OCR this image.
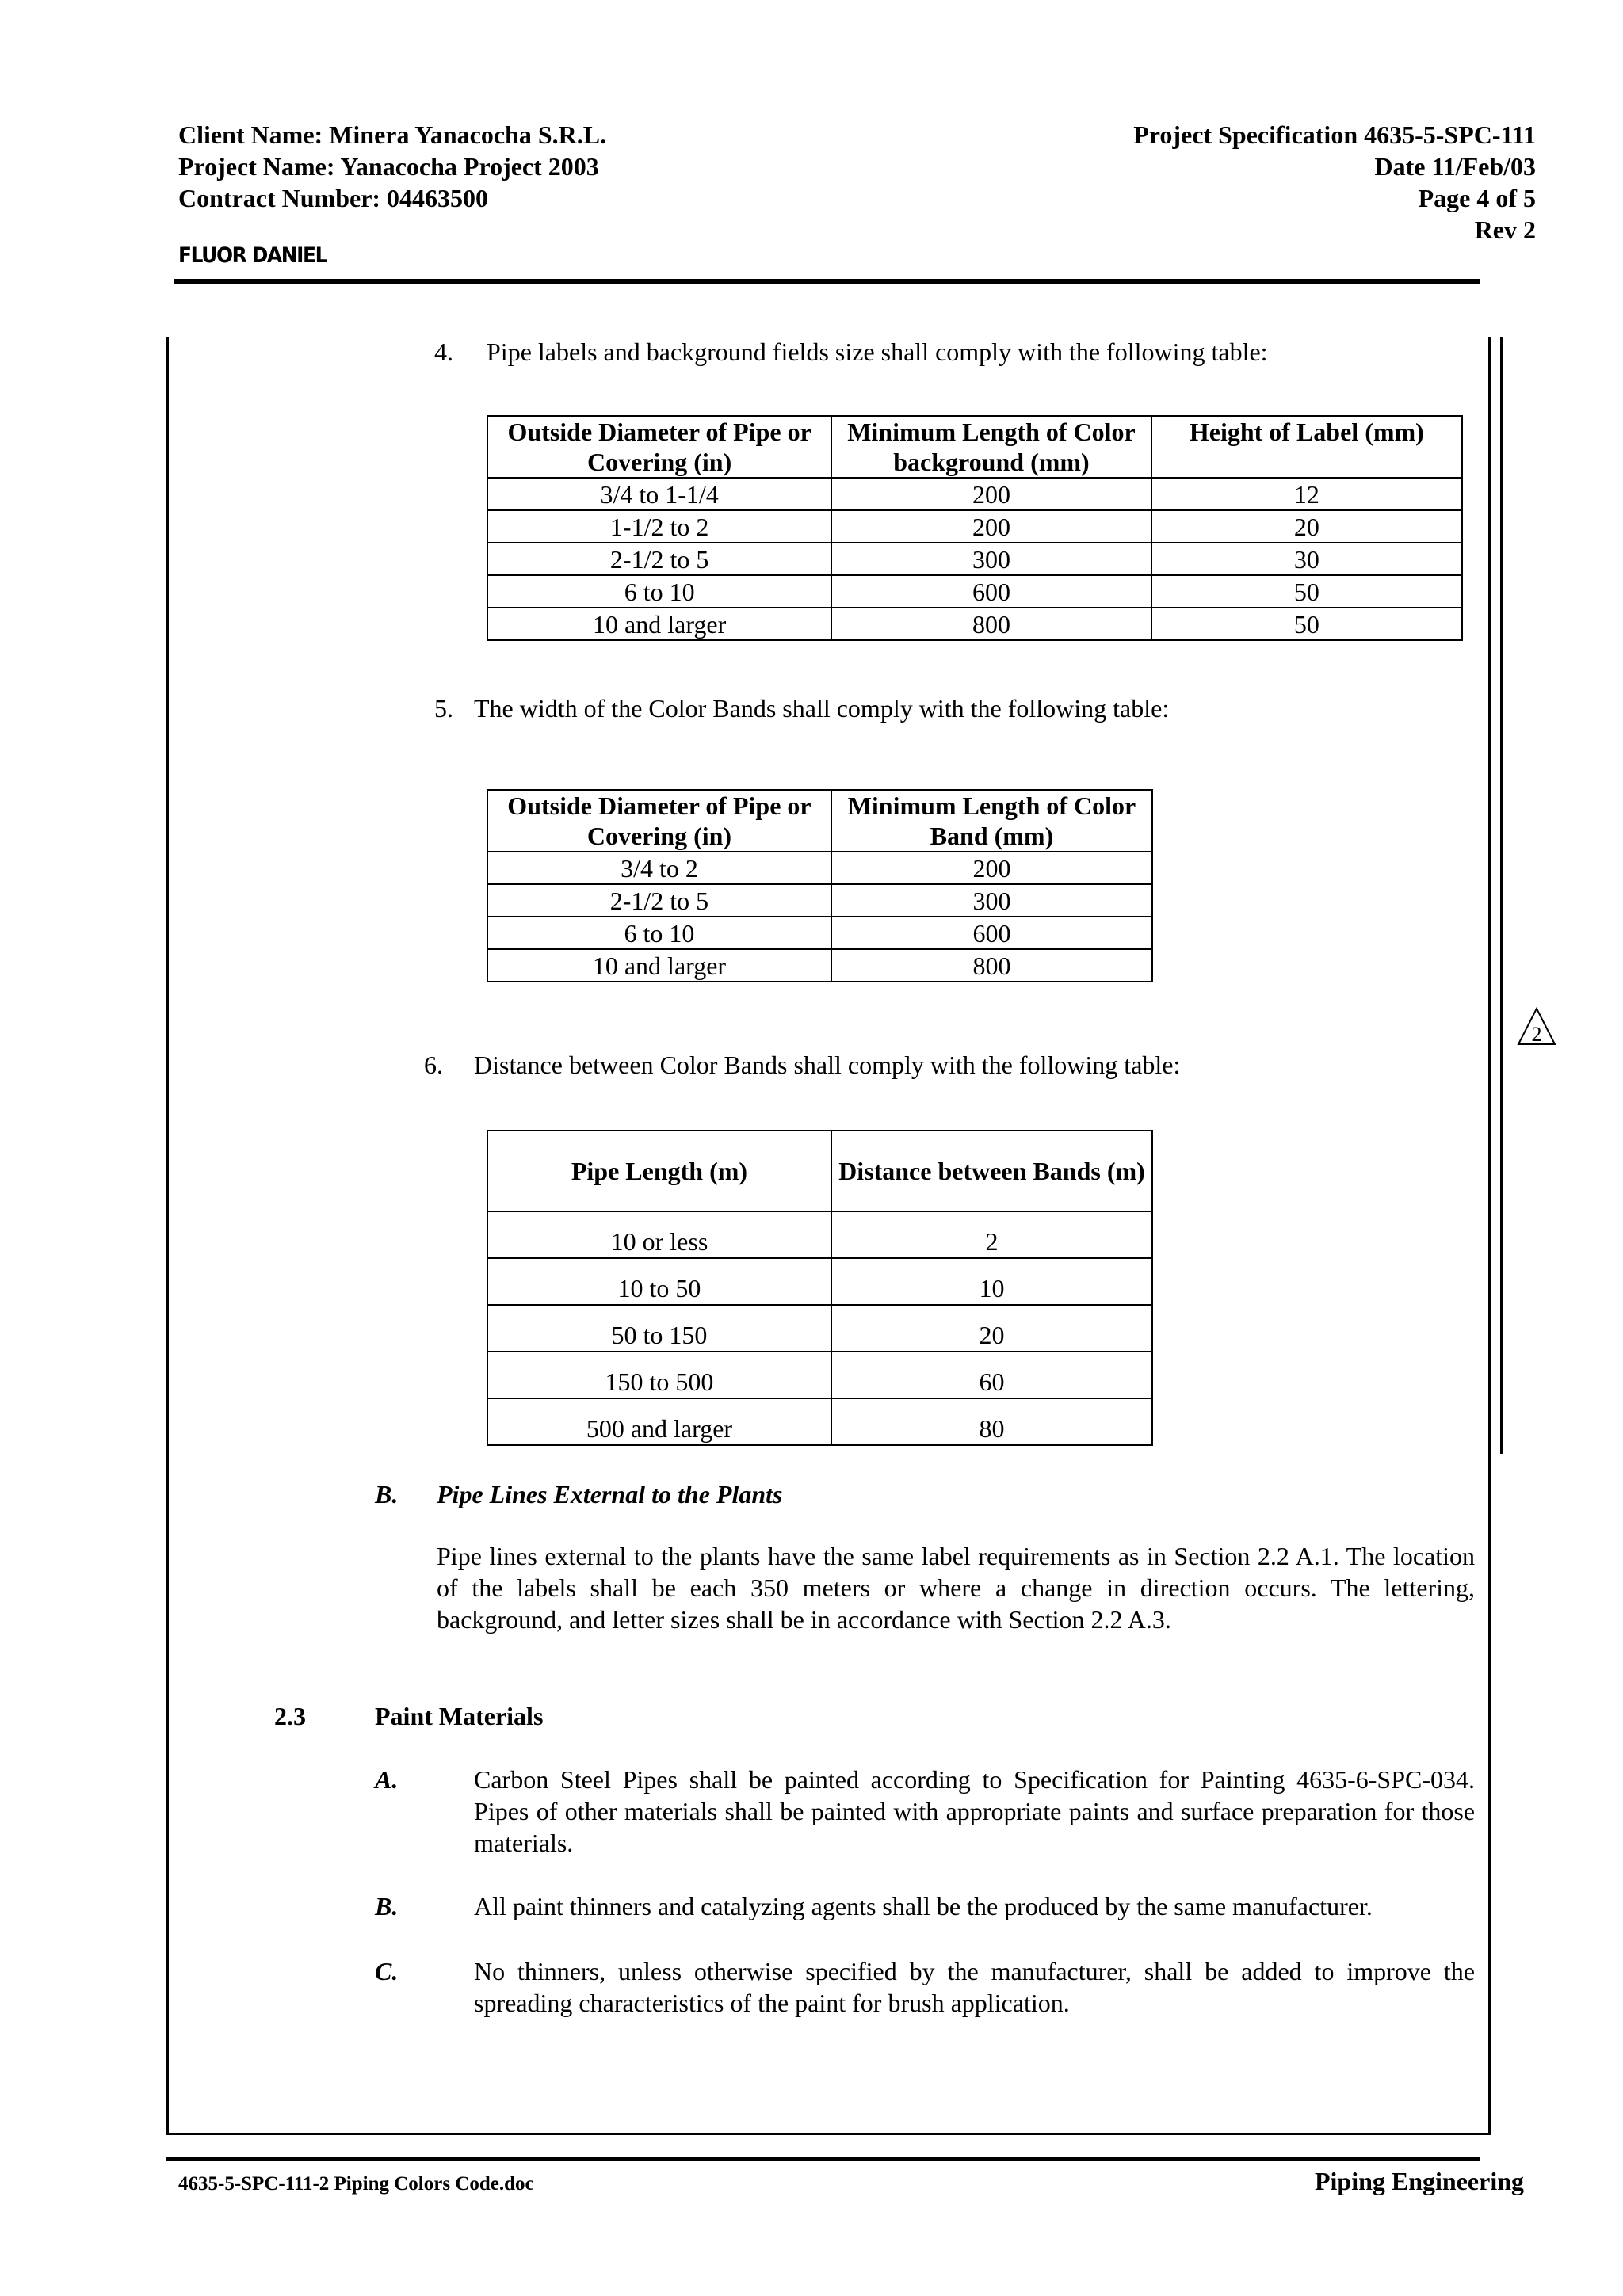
Client Name: Minera Yanacocha S.R.L.
Project Name: Yanacocha Project 2003
Contract Number: 04463500
Project Specification 4635-5-SPC-111
Date 11/Feb/03
Page 4 of 5
Rev 2
FLUOR DANIEL
2
4. Pipe labels and background fields size shall comply with the following table:
Outside Diameter of Pipe or Covering (in)	Minimum Length of Color background (mm)	Height of Label (mm)
3/4 to 1-1/4	200	12
1-1/2 to 2	200	20
2-1/2 to 5	300	30
6 to 10	600	50
10 and larger	800	50
5. The width of the Color Bands shall comply with the following table:
Outside Diameter of Pipe or Covering (in)	Minimum Length of Color Band (mm)
3/4 to 2	200
2-1/2 to 5	300
6 to 10	600
10 and larger	800
6. Distance between Color Bands shall comply with the following table:
Pipe Length (m)	Distance between Bands (m)
10 or less	2
10 to 50	10
50 to 150	20
150 to 500	60
500 and larger	80
B. Pipe Lines External to the Plants
Pipe lines external to the plants have the same label requirements as in Section 2.2 A.1. The location of the labels shall be each 350 meters or where a change in direction occurs. The lettering, background, and letter sizes shall be in accordance with Section 2.2 A.3.
2.3	Paint Materials
A.	Carbon Steel Pipes shall be painted according to Specification for Painting 4635-6-SPC-034. Pipes of other materials shall be painted with appropriate paints and surface preparation for those materials.
B.	All paint thinners and catalyzing agents shall be the produced by the same manufacturer.
C.	No thinners, unless otherwise specified by the manufacturer, shall be added to improve the spreading characteristics of the paint for brush application.
4635-5-SPC-111-2 Piping Colors Code.doc	Piping Engineering
